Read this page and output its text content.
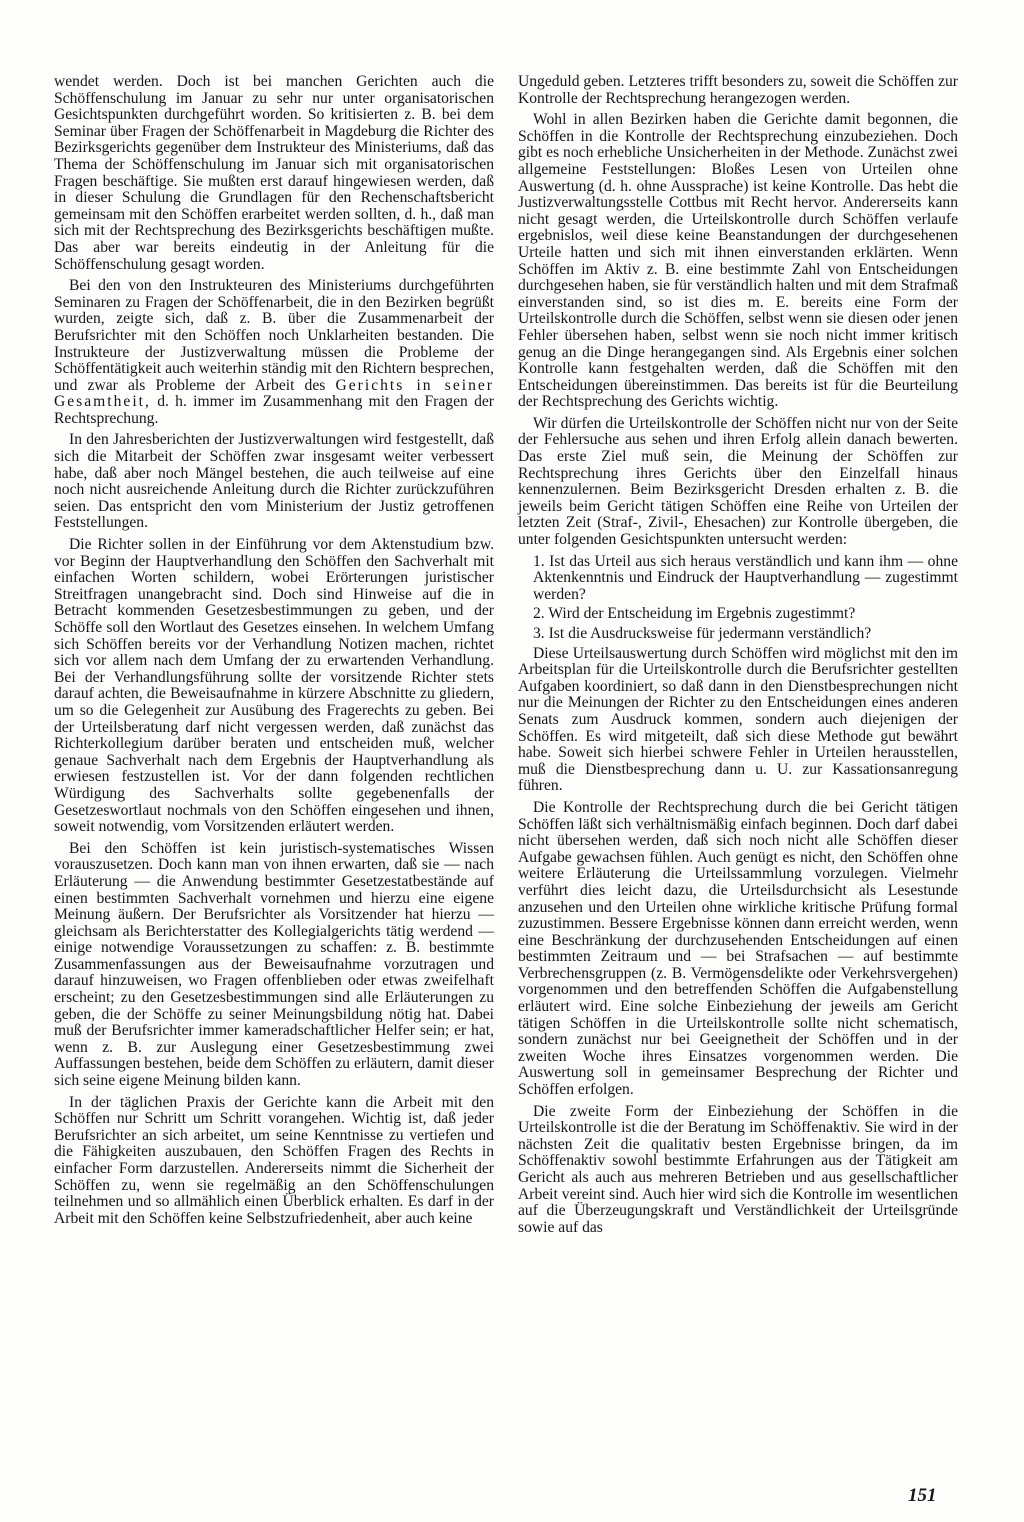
wendet werden. Doch ist bei manchen Gerichten auch die Schöffenschulung im Januar zu sehr nur unter organisatorischen Gesichtspunkten durchgeführt worden. So kritisierten z. B. bei dem Seminar über Fragen der Schöffenarbeit in Magdeburg die Richter des Bezirksgerichts gegenüber dem Instrukteur des Ministeriums, daß das Thema der Schöffenschulung im Januar sich mit organisatorischen Fragen beschäftige. Sie mußten erst darauf hingewiesen werden, daß in dieser Schulung die Grundlagen für den Rechenschaftsbericht gemeinsam mit den Schöffen erarbeitet werden sollten, d. h., daß man sich mit der Rechtsprechung des Bezirksgerichts beschäftigen mußte. Das aber war bereits eindeutig in der Anleitung für die Schöffenschulung gesagt worden.

Bei den von den Instrukteuren des Ministeriums durchgeführten Seminaren zu Fragen der Schöffenarbeit, die in den Bezirken begrüßt wurden, zeigte sich, daß z. B. über die Zusammenarbeit der Berufsrichter mit den Schöffen noch Unklarheiten bestanden. Die Instrukteure der Justizverwaltung müssen die Probleme der Schöffentätigkeit auch weiterhin ständig mit den Richtern besprechen, und zwar als Probleme der Arbeit des Gerichts in seiner Gesamtheit, d. h. immer im Zusammenhang mit den Fragen der Rechtsprechung.

In den Jahresberichten der Justizverwaltungen wird festgestellt, daß sich die Mitarbeit der Schöffen zwar insgesamt weiter verbessert habe, daß aber noch Mängel bestehen, die auch teilweise auf eine noch nicht ausreichende Anleitung durch die Richter zurückzuführen seien. Das entspricht den vom Ministerium der Justiz getroffenen Feststellungen.

Die Richter sollen in der Einführung vor dem Aktenstudium bzw. vor Beginn der Hauptverhandlung den Schöffen den Sachverhalt mit einfachen Worten schildern, wobei Erörterungen juristischer Streitfragen unangebracht sind. Doch sind Hinweise auf die in Betracht kommenden Gesetzesbestimmungen zu geben, und der Schöffe soll den Wortlaut des Gesetzes einsehen. In welchem Umfang sich Schöffen bereits vor der Verhandlung Notizen machen, richtet sich vor allem nach dem Umfang der zu erwartenden Verhandlung. Bei der Verhandlungsführung sollte der vorsitzende Richter stets darauf achten, die Beweisaufnahme in kürzere Abschnitte zu gliedern, um so die Gelegenheit zur Ausübung des Fragerechts zu geben. Bei der Urteilsberatung darf nicht vergessen werden, daß zunächst das Richterkollegium darüber beraten und entscheiden muß, welcher genaue Sachverhalt nach dem Ergebnis der Hauptverhandlung als erwiesen festzustellen ist. Vor der dann folgenden rechtlichen Würdigung des Sachverhalts sollte gegebenenfalls der Gesetzeswortlaut nochmals von den Schöffen eingesehen und ihnen, soweit notwendig, vom Vorsitzenden erläutert werden.

Bei den Schöffen ist kein juristisch-systematisches Wissen vorauszusetzen. Doch kann man von ihnen erwarten, daß sie — nach Erläuterung — die Anwendung bestimmter Gesetzestatbestände auf einen bestimmten Sachverhalt vornehmen und hierzu eine eigene Meinung äußern. Der Berufsrichter als Vorsitzender hat hierzu — gleichsam als Berichterstatter des Kollegialgerichts tätig werdend — einige notwendige Voraussetzungen zu schaffen: z. B. bestimmte Zusammenfassungen aus der Beweisaufnahme vorzutragen und darauf hinzuweisen, wo Fragen offenblieben oder etwas zweifelhaft erscheint; zu den Gesetzesbestimmungen sind alle Erläuterungen zu geben, die der Schöffe zu seiner Meinungsbildung nötig hat. Dabei muß der Berufsrichter immer kameradschaftlicher Helfer sein; er hat, wenn z. B. zur Auslegung einer Gesetzesbestimmung zwei Auffassungen bestehen, beide dem Schöffen zu erläutern, damit dieser sich seine eigene Meinung bilden kann.

In der täglichen Praxis der Gerichte kann die Arbeit mit den Schöffen nur Schritt um Schritt vorangehen. Wichtig ist, daß jeder Berufsrichter an sich arbeitet, um seine Kenntnisse zu vertiefen und die Fähigkeiten auszubauen, den Schöffen Fragen des Rechts in einfacher Form darzustellen. Andererseits nimmt die Sicherheit der Schöffen zu, wenn sie regelmäßig an den Schöffenschulungen teilnehmen und so allmählich einen Überblick erhalten. Es darf in der Arbeit mit den Schöffen keine Selbstzufriedenheit, aber auch keine

Ungeduld geben. Letzteres trifft besonders zu, soweit die Schöffen zur Kontrolle der Rechtsprechung herangezogen werden.

Wohl in allen Bezirken haben die Gerichte damit begonnen, die Schöffen in die Kontrolle der Rechtsprechung einzubeziehen. Doch gibt es noch erhebliche Unsicherheiten in der Methode. Zunächst zwei allgemeine Feststellungen: Bloßes Lesen von Urteilen ohne Auswertung (d. h. ohne Aussprache) ist keine Kontrolle. Das hebt die Justizverwaltungsstelle Cottbus mit Recht hervor. Andererseits kann nicht gesagt werden, die Urteilskontrolle durch Schöffen verlaufe ergebnislos, weil diese keine Beanstandungen der durchgesehenen Urteile hatten und sich mit ihnen einverstanden erklärten. Wenn Schöffen im Aktiv z. B. eine bestimmte Zahl von Entscheidungen durchgesehen haben, sie für verständlich halten und mit dem Strafmaß einverstanden sind, so ist dies m. E. bereits eine Form der Urteilskontrolle durch die Schöffen, selbst wenn sie diesen oder jenen Fehler übersehen haben, selbst wenn sie noch nicht immer kritisch genug an die Dinge herangegangen sind. Als Ergebnis einer solchen Kontrolle kann festgehalten werden, daß die Schöffen mit den Entscheidungen übereinstimmen. Das bereits ist für die Beurteilung der Rechtsprechung des Gerichts wichtig.

Wir dürfen die Urteilskontrolle der Schöffen nicht nur von der Seite der Fehlersuche aus sehen und ihren Erfolg allein danach bewerten. Das erste Ziel muß sein, die Meinung der Schöffen zur Rechtsprechung ihres Gerichts über den Einzelfall hinaus kennenzulernen. Beim Bezirksgericht Dresden erhalten z. B. die jeweils beim Gericht tätigen Schöffen eine Reihe von Urteilen der letzten Zeit (Straf-, Zivil-, Ehesachen) zur Kontrolle übergeben, die unter folgenden Gesichtspunkten untersucht werden:

1. Ist das Urteil aus sich heraus verständlich und kann ihm — ohne Aktenkenntnis und Eindruck der Hauptverhandlung — zugestimmt werden?

2. Wird der Entscheidung im Ergebnis zugestimmt?

3. Ist die Ausdrucksweise für jedermann verständlich?

Diese Urteilsauswertung durch Schöffen wird möglichst mit den im Arbeitsplan für die Urteilskontrolle durch die Berufsrichter gestellten Aufgaben koordiniert, so daß dann in den Dienstbesprechungen nicht nur die Meinungen der Richter zu den Entscheidungen eines anderen Senats zum Ausdruck kommen, sondern auch diejenigen der Schöffen. Es wird mitgeteilt, daß sich diese Methode gut bewährt habe. Soweit sich hierbei schwere Fehler in Urteilen herausstellen, muß die Dienstbesprechung dann u. U. zur Kassationsanregung führen.

Die Kontrolle der Rechtsprechung durch die bei Gericht tätigen Schöffen läßt sich verhältnismäßig einfach beginnen. Doch darf dabei nicht übersehen werden, daß sich noch nicht alle Schöffen dieser Aufgabe gewachsen fühlen. Auch genügt es nicht, den Schöffen ohne weitere Erläuterung die Urteilssammlung vorzulegen. Vielmehr verführt dies leicht dazu, die Urteilsdurchsicht als Lesestunde anzusehen und den Urteilen ohne wirkliche kritische Prüfung formal zuzustimmen. Bessere Ergebnisse können dann erreicht werden, wenn eine Beschränkung der durchzusehenden Entscheidungen auf einen bestimmten Zeitraum und — bei Strafsachen — auf bestimmte Verbrechensgruppen (z. B. Vermögensdelikte oder Verkehrsvergehen) vorgenommen und den betreffenden Schöffen die Aufgabenstellung erläutert wird. Eine solche Einbeziehung der jeweils am Gericht tätigen Schöffen in die Urteilskontrolle sollte nicht schematisch, sondern zunächst nur bei Geeignetheit der Schöffen und in der zweiten Woche ihres Einsatzes vorgenommen werden. Die Auswertung soll in gemeinsamer Besprechung der Richter und Schöffen erfolgen.

Die zweite Form der Einbeziehung der Schöffen in die Urteilskontrolle ist die der Beratung im Schöffenaktiv. Sie wird in der nächsten Zeit die qualitativ besten Ergebnisse bringen, da im Schöffenaktiv sowohl bestimmte Erfahrungen aus der Tätigkeit am Gericht als auch aus mehreren Betrieben und aus gesellschaftlicher Arbeit vereint sind. Auch hier wird sich die Kontrolle im wesentlichen auf die Überzeugungskraft und Verständlichkeit der Urteilsgründe sowie auf das

151
